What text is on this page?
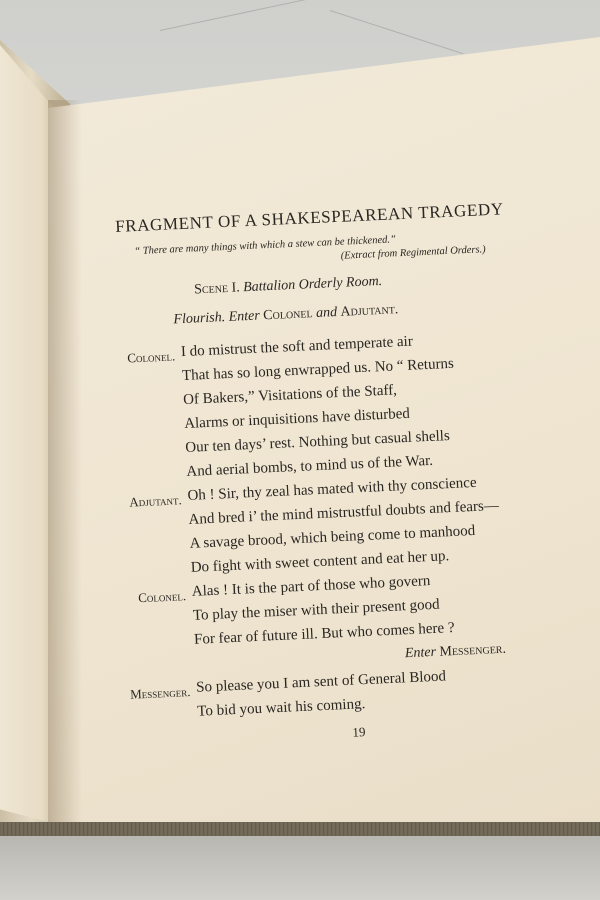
FRAGMENT OF A SHAKESPEAREAN TRAGEDY
“ There are many things with which a stew can be thickened.”
(Extract from Regimental Orders.)
Scene I. Battalion Orderly Room.
Flourish. Enter Colonel and Adjutant.
Colonel. I do mistrust the soft and temperate air
That has so long enwrapped us. No “ Returns
Of Bakers,” Visitations of the Staff,
Alarms or inquisitions have disturbed
Our ten days’ rest. Nothing but casual shells
And aerial bombs, to mind us of the War.
Adjutant. Oh ! Sir, thy zeal has mated with thy conscience
And bred i’ the mind mistrustful doubts and fears—
A savage brood, which being come to manhood
Do fight with sweet content and eat her up.
Colonel. Alas ! It is the part of those who govern
To play the miser with their present good
For fear of future ill. But who comes here ?
Enter Messenger.
Messenger. So please you I am sent of General Blood
To bid you wait his coming.
19
